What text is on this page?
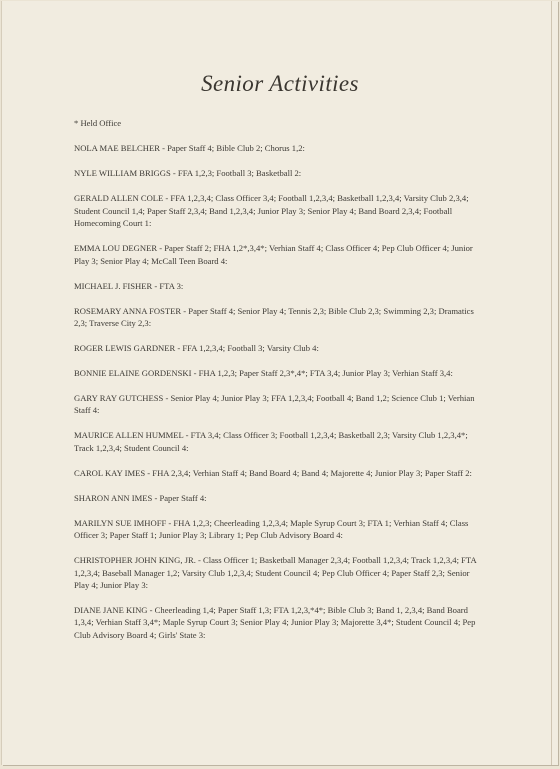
Senior Activities
* Held Office
NOLA MAE BELCHER - Paper Staff 4; Bible Club 2; Chorus 1,2:
NYLE WILLIAM BRIGGS - FFA 1,2,3; Football 3; Basketball 2:
GERALD ALLEN COLE - FFA 1,2,3,4; Class Officer 3,4; Football 1,2,3,4; Basketball 1,2,3,4; Varsity Club 2,3,4; Student Council 1,4; Paper Staff 2,3,4; Band 1,2,3,4; Junior Play 3; Senior Play 4; Band Board 2,3,4; Football Homecoming Court 1:
EMMA LOU DEGNER - Paper Staff 2; FHA 1,2*,3,4*; Verhian Staff 4; Class Officer 4; Pep Club Officer 4; Junior Play 3; Senior Play 4; McCall Teen Board 4:
MICHAEL J. FISHER - FTA 3:
ROSEMARY ANNA FOSTER - Paper Staff 4; Senior Play 4; Tennis 2,3; Bible Club 2,3; Swimming 2,3; Dramatics 2,3; Traverse City 2,3:
ROGER LEWIS GARDNER - FFA 1,2,3,4; Football 3; Varsity Club 4:
BONNIE ELAINE GORDENSKI - FHA 1,2,3; Paper Staff 2,3*,4*; FTA 3,4; Junior Play 3; Verhian Staff 3,4:
GARY RAY GUTCHESS - Senior Play 4; Junior Play 3; FFA 1,2,3,4; Football 4; Band 1,2; Science Club 1; Verhian Staff 4:
MAURICE ALLEN HUMMEL - FTA 3,4; Class Officer 3; Football 1,2,3,4; Basketball 2,3; Varsity Club 1,2,3,4*; Track 1,2,3,4; Student Council 4:
CAROL KAY IMES - FHA 2,3,4; Verhian Staff 4; Band Board 4; Band 4; Majorette 4; Junior Play 3; Paper Staff 2:
SHARON ANN IMES - Paper Staff 4:
MARILYN SUE IMHOFF - FHA 1,2,3; Cheerleading 1,2,3,4; Maple Syrup Court 3; FTA 1; Verhian Staff 4; Class Officer 3; Paper Staff 1; Junior Play 3; Library 1; Pep Club Advisory Board 4:
CHRISTOPHER JOHN KING, JR. - Class Officer 1; Basketball Manager 2,3,4; Football 1,2,3,4; Track 1,2,3,4; FTA 1,2,3,4; Baseball Manager 1,2; Varsity Club 1,2,3,4; Student Council 4; Pep Club Officer 4; Paper Staff 2,3; Senior Play 4; Junior Play 3:
DIANE JANE KING - Cheerleading 1,4; Paper Staff 1,3; FTA 1,2,3,*4*; Bible Club 3; Band 1, 2,3,4; Band Board 1,3,4; Verhian Staff 3,4*; Maple Syrup Court 3; Senior Play 4; Junior Play 3; Majorette 3,4*; Student Council 4; Pep Club Advisory Board 4; Girls' State 3:
